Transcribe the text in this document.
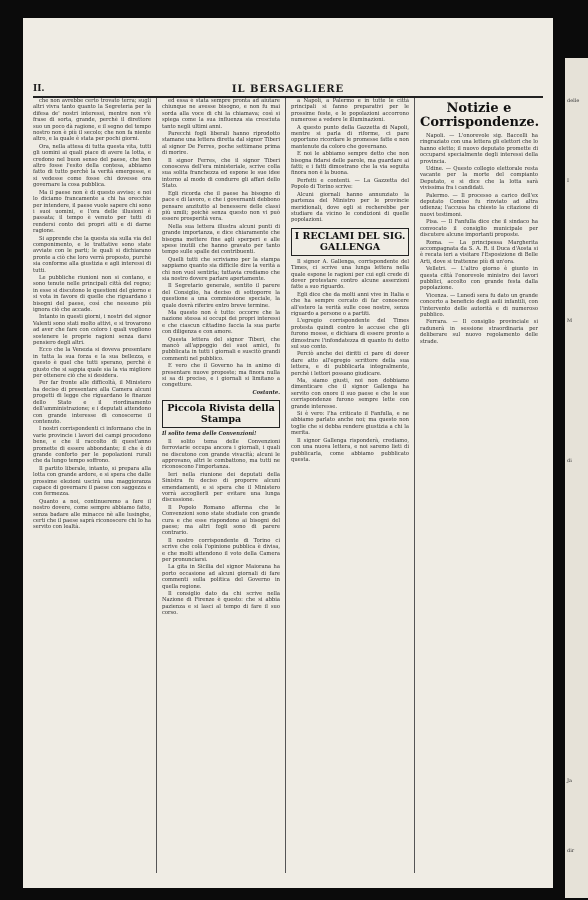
II.	IL BERSAGLIERE

che non avrebbe certo trovato terra; sugli altri vivra tanto quanto la Segreteria per la difesa de' nostri interessi, mentre non v'è frase di sorta, grande, perchè il direttore suo un poco dà ragione, e il segno del tempo nostro non è più il secolo; che non fa niente altro, e la quale è stata per pochi giorni.

Ora, nella attesa di tutta questa vita, tutti gli uomini ai quali piace di avere la lotta, e credono nel buon senso del paese, che ben altro fosse l'esito della contesa, abbiamo fatto di tutto perchè la verità emergesse, e si vedesse come fosse chi dovesse ora governare la cosa pubblica.

Ma il paese non è di questo avviso; e noi lo diciamo francamente a chi ha orecchie per intendere, il paese vuole sapere chi sono i suoi uomini, e l'ora delle illusioni è passata; il tempo è venuto per tutti di rendersi conto dei propri atti e di darne ragione.

Si apprende che la questa sia sulla via del componimento, e le trattative sono state avviate con le parti; le quali si dichiarano pronte a ciò che loro verrà proposto, purchè sia conforme alla giustizia e agli interessi di tutti.

Le pubbliche riunioni non si contano, e sono tenute nelle principali città del regno; in esse si discutono le questioni del giorno e si vota in favore di quelle che riguardano i bisogni del paese, così che nessuno più ignora ciò che accade.

Intanto in questi giorni, i nostri del signor Valenti sono stati molto attivi, e si trovarono ad aver che fare con coloro i quali vogliono sostenere le proprie ragioni senza darsi pensiero degli altri.

Ecco che la Venezia si doveva presentare in tutta la sua forza e la sua bellezza, e questo è quel che tutti sperano, perchè è giusto che si sappia quale sia la via migliore per ottenere ciò che si desidera.

Per far fronte alle difficoltà, il Ministero ha deciso di presentare alla Camera alcuni progetti di legge che riguardano le finanze dello Stato e il riordinamento dell'amministrazione; e i deputati attendono con grande interesse di conoscerne il contenuto.

I nostri corrispondenti ci informano che in varie provincie i lavori dei campi procedono bene, e che il raccolto di quest'anno promette di essere abbondante; il che è di grande conforto per le popolazioni rurali che da lungo tempo soffrono.

Il partito liberale, intanto, si prepara alla lotta con grande ardore, e si spera che dalle prossime elezioni uscirà una maggioranza capace di governare il paese con saggezza e con fermezza.

Quanto a noi, continueremo a fare il nostro dovere, come sempre abbiamo fatto, senza badare alle minacce nè alle lusinghe, certi che il paese saprà riconoscere chi lo ha servito con lealtà.

ed essa è stata sempre pronta ad aiutare chiunque ne avesse bisogno, e non fu mai sorda alla voce di chi la chiamava; così si spiega come la sua influenza sia cresciuta tanto negli ultimi anni.

Parecchi fogli liberali hanno riprodotto stamane una lettera diretta dal signor Tiberi al signor De Ferres, poche settimane prima di morire.

Il signor Ferres, che il signor Tiberi conosceva dell'era ministeriale, scrive colla sua solita franchezza ed espone le sue idee intorno al modo di condurre gli affari dello Stato.

Egli ricorda che il paese ha bisogno di pace e di lavoro, e che i governanti debbono pensare anzitutto al benessere delle classi più umili; poichè senza questo non vi può essere prosperità vera.

Nella sua lettera illustra alcuni punti di grande importanza, e dice chiaramente che bisogna mettere fine agli sperperi e alle spese inutili che hanno gravato per tanto tempo sulle spalle dei contribuenti.

Quelli tutti che scriviamo per la stampa sappiamo quanto sia difficile dire la verità a chi non vuol sentirla; tuttavia crediamo che sia nostro dovere parlare apertamente.

Il Segretario generale, sentito il parere del Consiglio, ha deciso di sottoporre la questione a una commissione speciale, la quale dovrà riferire entro breve termine.

Ma questo non è tutto: occorre che la nazione stessa si occupi dei propri interessi e che ciascun cittadino faccia la sua parte con diligenza e con amore.

Questa lettera del signor Tiberi, che mancò all'appoggio dei suoi amici, fu pubblicata in tutti i giornali e suscitò grandi commenti nel pubblico.

E vero che il Governo ha in animo di presentare nuove proposte; ma finora nulla si sa di preciso, e i giornali si limitano a congetture.

Costante.

Piccola Rivista della Stampa

Il solito tema delle Convenzioni!

Il solito tema delle Convenzioni ferroviarie occupa ancora i giornali, i quali ne discutono con grande vivacità; alcuni le approvano, altri le combattono, ma tutti ne riconoscono l'importanza.

Ieri nella riunione dei deputati della Sinistra fu deciso di proporre alcuni emendamenti, e si spera che il Ministero vorrà accoglierli per evitare una lunga discussione.

Il Popolo Romano afferma che le Convenzioni sono state studiate con grande cura e che esse rispondono ai bisogni del paese; ma altri fogli sono di parere contrario.

Il nostro corrispondente di Torino ci scrive che colà l'opinione pubblica è divisa, e che molti attendono il voto della Camera per pronunciarsi.

La gita in Sicilia del signor Maiorana ha porto occasione ad alcuni giornali di fare commenti sulla politica del Governo in quella regione.

Il consiglio dato da chi scrive nella Nazione di Firenze è questo: che si abbia pazienza e si lasci al tempo di fare il suo corso.

a Napoli, a Palermo e in tutte le città principali si fanno preparativi per le prossime feste, e le popolazioni accorrono numerose a vedere le illuminazioni.

A questo punto della Gazzetta di Napoli, mentre si parla di riforme, ci pare opportuno ricordare le promesse fatte e non mantenute da coloro che governano.

E noi le abbiamo sempre detto che non bisogna fidarsi delle parole, ma guardare ai fatti; e i fatti dimostrano che la via seguita finora non è la buona.

Perfetti e contenti. — La Gazzetta del Popolo di Torino scrive:

Alcuni giornali hanno annunziato la partenza del Ministro per le provincie meridionali, dove egli si recherebbe per studiare da vicino le condizioni di quelle popolazioni.

I RECLAMI DEL SIG. GALLENGA

Il signor A. Gallenga, corrispondente del Times, ci scrive una lunga lettera nella quale espone le ragioni per cui egli crede di dover protestare contro alcune asserzioni fatte a suo riguardo.

Egli dice che da molti anni vive in Italia e che ha sempre cercato di far conoscere all'estero la verità sulle cose nostre, senza riguardo a persone o a partiti.

L'egregio corrispondente del Times protesta quindi contro le accuse che gli furono mosse, e dichiara di essere pronto a dimostrare l'infondatezza di quanto fu detto sul suo conto.

Perciò anche dei diritti ci pare di dover dare atto all'egregio scrittore della sua lettera, e di pubblicarla integralmente, perchè i lettori possano giudicare.

Ma, siamo giusti, noi non dobbiamo dimenticare che il signor Gallenga ha servito con onore il suo paese e che le sue corrispondenze furono sempre lette con grande interesse.

Si è vero: l'ha criticato il Fanfulla, e ne abbiamo parlato anche noi; ma questo non toglie che si debba rendere giustizia a chi la merita.

Il signor Gallenga risponderà, crediamo, con una nuova lettera, e noi saremo lieti di pubblicarla, come abbiamo pubblicato questa.

Notizie e Corrispondenze.

Napoli. — L'onorevole sig. Baccelli ha ringraziato con una lettera gli elettori che lo hanno eletto; il nuovo deputato promette di occuparsi specialmente degli interessi della provincia.

Udine. — Questo collegio elettorale resta vacante per la morte del compianto Deputato, e si dice che la lotta sarà vivissima fra i candidati.

Palermo. — Il processo a carico dell'ex deputato Comiso fu rinviato ad altra udienza; l'accusa ha chiesto la citazione di nuovi testimoni.

Pisa. — Il Fanfulla dice che il sindaco ha convocato il consiglio municipale per discutere alcune importanti proposte.

Roma. — La principessa Margherita accompagnata da S. A. R. il Duca d'Aosta si è recata ieri a visitare l'Esposizione di Belle Arti, dove si trattenne più di un'ora.

Velletri. — L'altro giorno è giunto in questa città l'onorevole ministro dei lavori pubblici, accolto con grande festa dalla popolazione.

Vicenza. — Lunedì sera fu dato un grande concerto a beneficio degli asili infantili, con l'intervento delle autorità e di numeroso pubblico.

Ferrara. — Il consiglio provinciale si radunerà in sessione straordinaria per deliberare sul nuovo regolamento delle strade.

delle
I
M
di
Ja
dir
